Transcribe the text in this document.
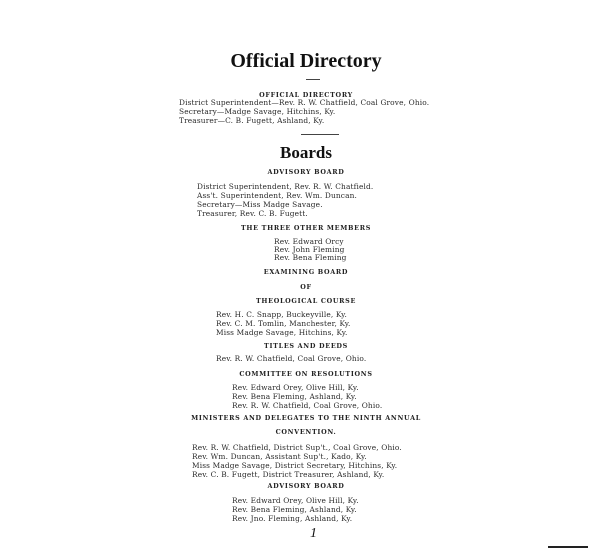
Official Directory
OFFICIAL DIRECTORY
District Superintendent—Rev. R. W. Chatfield, Coal Grove, Ohio.
Secretary—Madge Savage, Hitchins, Ky.
Treasurer—C. B. Fugett, Ashland, Ky.
Boards
ADVISORY BOARD
District Superintendent, Rev. R. W. Chatfield.
Ass't. Superintendent, Rev. Wm. Duncan.
Secretary—Miss Madge Savage.
Treasurer, Rev. C. B. Fugett.
THE THREE OTHER MEMBERS
Rev. Edward Orcy
Rev. John Fleming
Rev. Bena Fleming
EXAMINING BOARD
OF
THEOLOGICAL COURSE
Rev. H. C. Snapp, Buckeyville, Ky.
Rev. C. M. Tomlin, Manchester, Ky.
Miss Madge Savage, Hitchins, Ky.
TITLES AND DEEDS
Rev. R. W. Chatfield, Coal Grove, Ohio.
COMMITTEE ON RESOLUTIONS
Rev. Edward Orey, Olive Hill, Ky.
Rev. Bena Fleming, Ashland, Ky.
Rev. R. W. Chatfield, Coal Grove, Ohio.
MINISTERS AND DELEGATES TO THE NINTH ANNUAL
CONVENTION.
Rev. R. W. Chatfield, District Sup't., Coal Grove, Ohio.
Rev. Wm. Duncan, Assistant Sup't., Kado, Ky.
Miss Madge Savage, District Secretary, Hitchins, Ky.
Rev. C. B. Fugett, District Treasurer, Ashland, Ky.
ADVISORY BOARD
Rev. Edward Orey, Olive Hill, Ky.
Rev. Bena Fleming, Ashland, Ky.
Rev. Jno. Fleming, Ashland, Ky.
1
